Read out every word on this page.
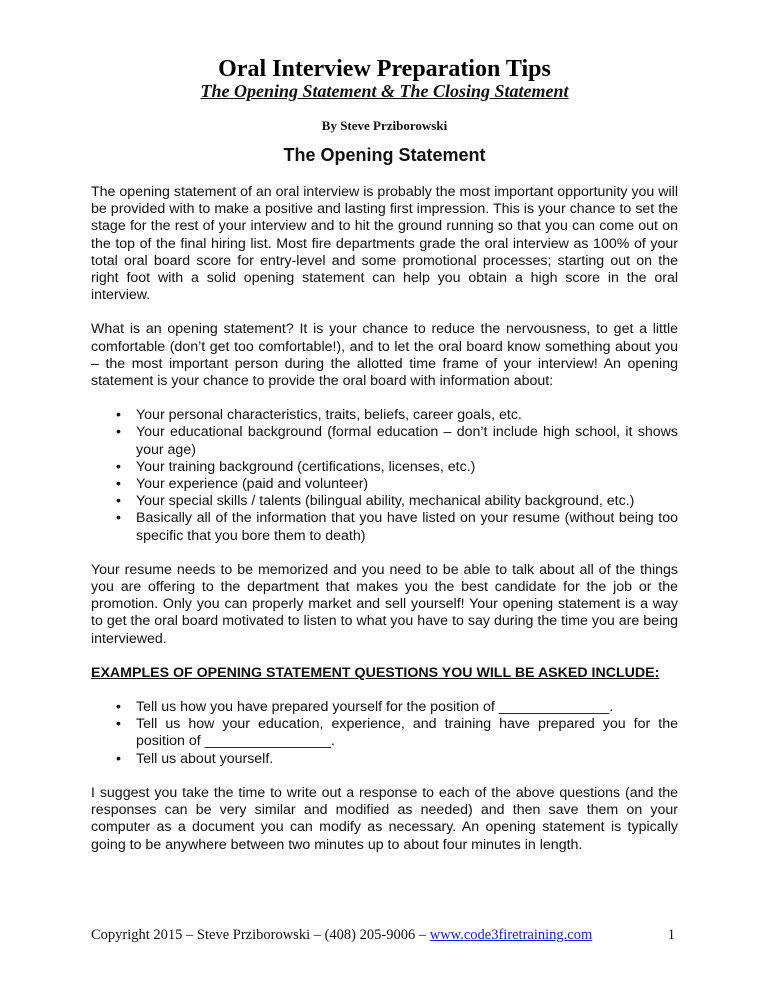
Oral Interview Preparation Tips
The Opening Statement & The Closing Statement
By Steve Prziborowski
The Opening Statement

The opening statement of an oral interview is probably the most important opportunity you will be provided with to make a positive and lasting first impression. This is your chance to set the stage for the rest of your interview and to hit the ground running so that you can come out on the top of the final hiring list. Most fire departments grade the oral interview as 100% of your total oral board score for entry-level and some promotional processes; starting out on the right foot with a solid opening statement can help you obtain a high score in the oral interview.

What is an opening statement? It is your chance to reduce the nervousness, to get a little comfortable (don’t get too comfortable!), and to let the oral board know something about you – the most important person during the allotted time frame of your interview! An opening statement is your chance to provide the oral board with information about:

• Your personal characteristics, traits, beliefs, career goals, etc.
• Your educational background (formal education – don’t include high school, it shows your age)
• Your training background (certifications, licenses, etc.)
• Your experience (paid and volunteer)
• Your special skills / talents (bilingual ability, mechanical ability background, etc.)
• Basically all of the information that you have listed on your resume (without being too specific that you bore them to death)

Your resume needs to be memorized and you need to be able to talk about all of the things you are offering to the department that makes you the best candidate for the job or the promotion. Only you can properly market and sell yourself! Your opening statement is a way to get the oral board motivated to listen to what you have to say during the time you are being interviewed.

EXAMPLES OF OPENING STATEMENT QUESTIONS YOU WILL BE ASKED INCLUDE:

• Tell us how you have prepared yourself for the position of ______________.
• Tell us how your education, experience, and training have prepared you for the position of ________________.
• Tell us about yourself.

I suggest you take the time to write out a response to each of the above questions (and the responses can be very similar and modified as needed) and then save them on your computer as a document you can modify as necessary. An opening statement is typically going to be anywhere between two minutes up to about four minutes in length.

Copyright 2015 – Steve Prziborowski – (408) 205-9006 – www.code3firetraining.com	1
